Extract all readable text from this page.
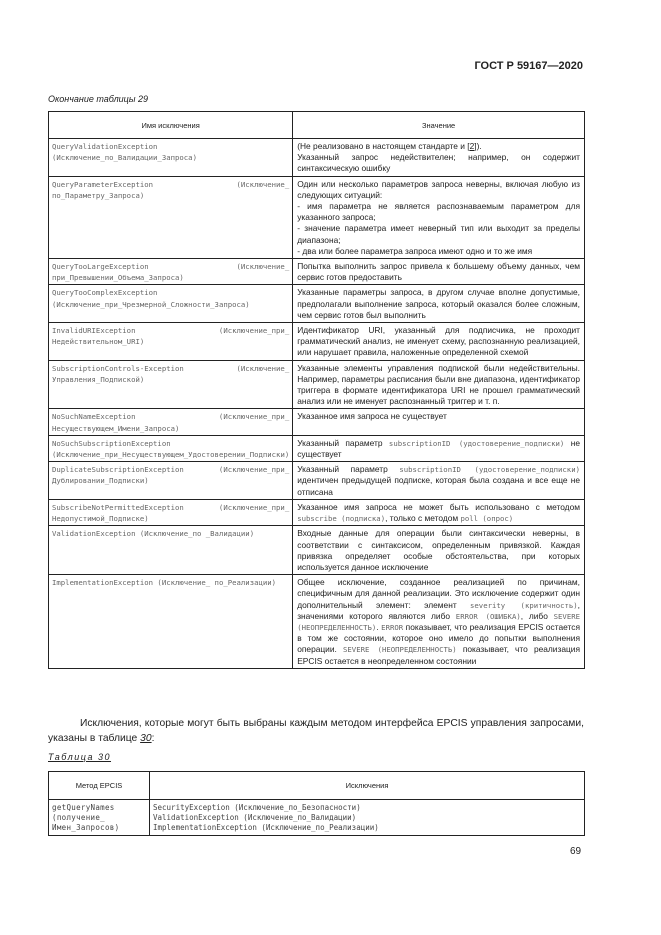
ГОСТ Р 59167—2020
Окончание таблицы 29
Имя исключения	Значение
QueryValidationException (Исключение_по_Валидации_Запроса)	(Не реализовано в настоящем стандарте и [2]).
Указанный запрос недействителен; например, он содержит синтаксическую ошибку
QueryParameterException (Исключение_ по_Параметру_Запроса)	Один или несколько параметров запроса неверны, включая любую из следующих ситуаций:
- имя параметра не является распознаваемым параметром для указанного запроса;
- значение параметра имеет неверный тип или выходит за пределы диапазона;
- два или более параметра запроса имеют одно и то же имя
QueryTooLargeException (Исключение_ при_Превышении_Объема_Запроса)	Попытка выполнить запрос привела к большему объему данных, чем сервис готов предоставить
QueryTooComplexException (Исключение_при_Чрезмерной_Сложности_Запроса)	Указанные параметры запроса, в другом случае вполне допустимые, предполагали выполнение запроса, который оказался более сложным, чем сервис готов был выполнить
InvalidURIException (Исключение_при_ Недействительном_URI)	Идентификатор URI, указанный для подписчика, не проходит грамматический анализ, не именует схему, распознанную реализацией, или нарушает правила, наложенные определенной схемой
SubscriptionControls-Exception (Исключение_ Управления_Подпиской)	Указанные элементы управления подпиской были недействительны. Например, параметры расписания были вне диапазона, идентификатор триггера в формате идентификатора URI не прошел грамматический анализ или не именует распознанный триггер и т. п.
NoSuchNameException (Исключение_при_ Несуществующем_Имени_Запроса)	Указанное имя запроса не существует
NoSuchSubscriptionException (Исключение_при_Несуществующем_Удостоверении_Подписки)	Указанный параметр subscriptionID (удостоверение_подписки) не существует
DuplicateSubscriptionException (Исключение_при_ Дублировании_Подписки)	Указанный параметр subscriptionID (удостоверение_подписки) идентичен предыдущей подписке, которая была создана и все еще не отписана
SubscribeNotPermittedException (Исключение_при_ Недопустимой_Подписке)	Указанное имя запроса не может быть использовано с методом subscribe (подписка), только с методом poll (опрос)
ValidationException (Исключение_по _Валидации)	Входные данные для операции были синтаксически неверны, в соответствии с синтаксисом, определенным привязкой. Каждая привязка определяет особые обстоятельства, при которых используется данное исключение
ImplementationException (Исключение_ по_Реализации)	Общее исключение, созданное реализацией по причинам, специфичным для данной реализации. Это исключение содержит один дополнительный элемент: элемент severity (критичность), значениями которого являются либо ERROR (ОШИБКА), либо SEVERE (НЕОПРЕДЕЛЕННОСТЬ). ERROR показывает, что реализация EPCIS остается в том же состоянии, которое оно имело до попытки выполнения операции. SEVERE (НЕОПРЕДЕЛЕННОСТЬ) показывает, что реализация EPCIS остается в неопределенном состоянии
Исключения, которые могут быть выбраны каждым методом интерфейса EPCIS управления запросами, указаны в таблице 30:
Таблица 30
Метод EPCIS	Исключения
getQueryNames (получение_ Имен_Запросов)	SecurityException (Исключение_по_Безопасности)
ValidationException (Исключение_по_Валидации)
ImplementationException (Исключение_по_Реализации)
69
